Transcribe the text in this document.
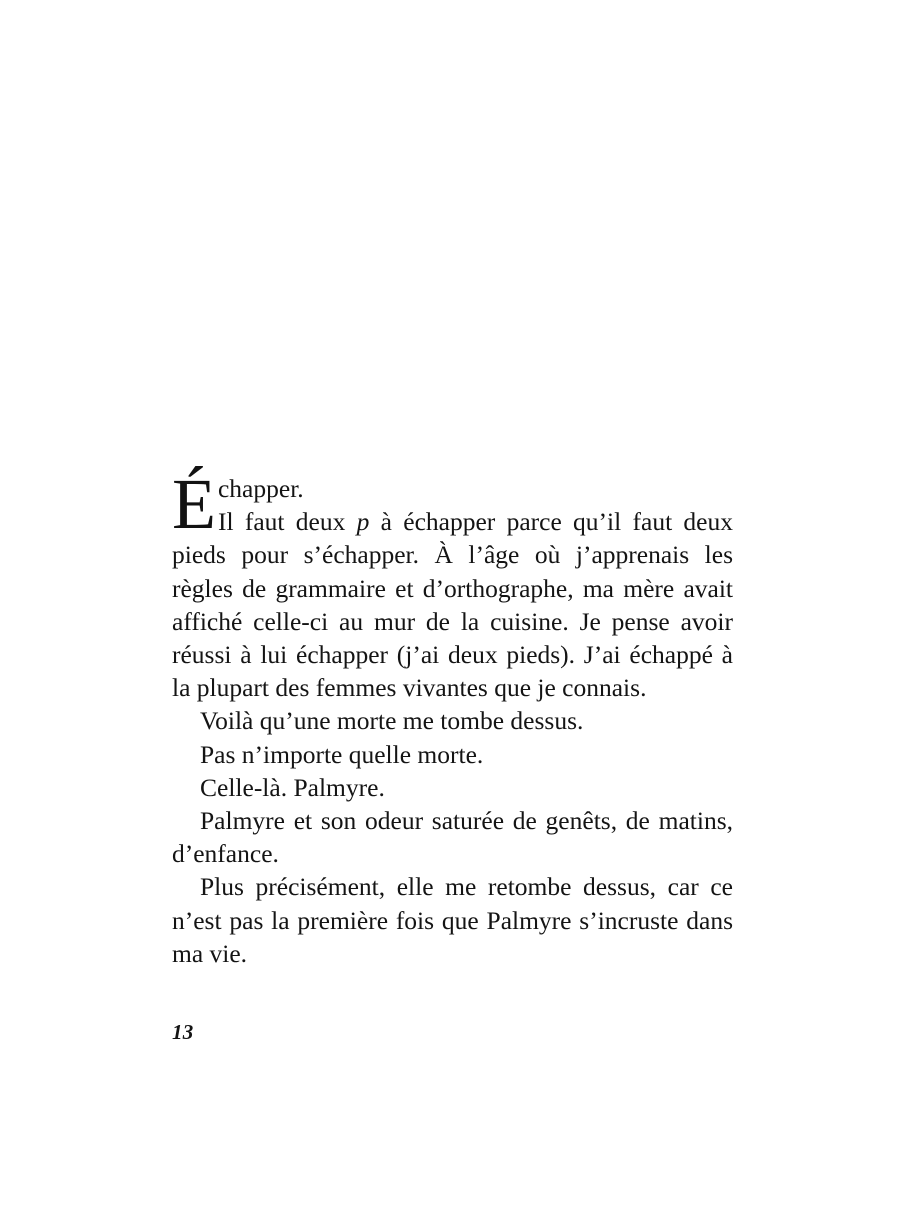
Échapper.
Il faut deux p à échapper parce qu’il faut deux pieds pour s’échapper. À l’âge où j’apprenais les règles de grammaire et d’orthographe, ma mère avait affiché celle-ci au mur de la cuisine. Je pense avoir réussi à lui échapper (j’ai deux pieds). J’ai échappé à la plupart des femmes vivantes que je connais.

Voilà qu’une morte me tombe dessus.

Pas n’importe quelle morte.

Celle-là. Palmyre.

Palmyre et son odeur saturée de genêts, de matins, d’enfance.

Plus précisément, elle me retombe dessus, car ce n’est pas la première fois que Palmyre s’incruste dans ma vie.

13
